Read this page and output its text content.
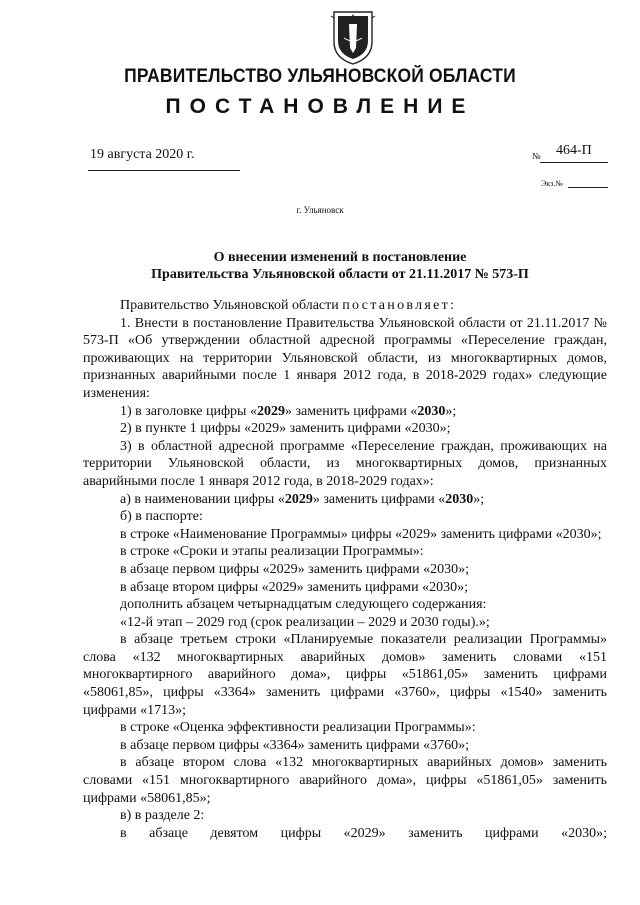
ПРАВИТЕЛЬСТВО УЛЬЯНОВСКОЙ ОБЛАСТИ
ПОСТАНОВЛЕНИЕ
19 августа 2020 г.	№ 464-П
Экз.№
г. Ульяновск
О внесении изменений в постановление
Правительства Ульяновской области от 21.11.2017 № 573-П

Правительство Ульяновской области постановляет:

1. Внести в постановление Правительства Ульяновской области от 21.11.2017 № 573-П «Об утверждении областной адресной программы «Переселение граждан, проживающих на территории Ульяновской области, из многоквартирных домов, признанных аварийными после 1 января 2012 года, в 2018-2029 годах» следующие изменения:

1) в заголовке цифры «2029» заменить цифрами «2030»;

2) в пункте 1 цифры «2029» заменить цифрами «2030»;

3) в областной адресной программе «Переселение граждан, проживающих на территории Ульяновской области, из многоквартирных домов, признанных аварийными после 1 января 2012 года, в 2018-2029 годах»:

а) в наименовании цифры «2029» заменить цифрами «2030»;

б) в паспорте:

в строке «Наименование Программы» цифры «2029» заменить цифрами «2030»;

в строке «Сроки и этапы реализации Программы»:

в абзаце первом цифры «2029» заменить цифрами «2030»;

в абзаце втором цифры «2029» заменить цифрами «2030»;

дополнить абзацем четырнадцатым следующего содержания:

«12-й этап – 2029 год (срок реализации – 2029 и 2030 годы).»;

в абзаце третьем строки «Планируемые показатели реализации Программы» слова «132 многоквартирных аварийных домов» заменить словами «151 многоквартирного аварийного дома», цифры «51861,05» заменить цифрами «58061,85», цифры «3364» заменить цифрами «3760», цифры «1540» заменить цифрами «1713»;

в строке «Оценка эффективности реализации Программы»:

в абзаце первом цифры «3364» заменить цифрами «3760»;

в абзаце втором слова «132 многоквартирных аварийных домов» заменить словами «151 многоквартирного аварийного дома», цифры «51861,05» заменить цифрами «58061,85»;

в) в разделе 2:

в абзаце девятом цифры «2029» заменить цифрами «2030»;
